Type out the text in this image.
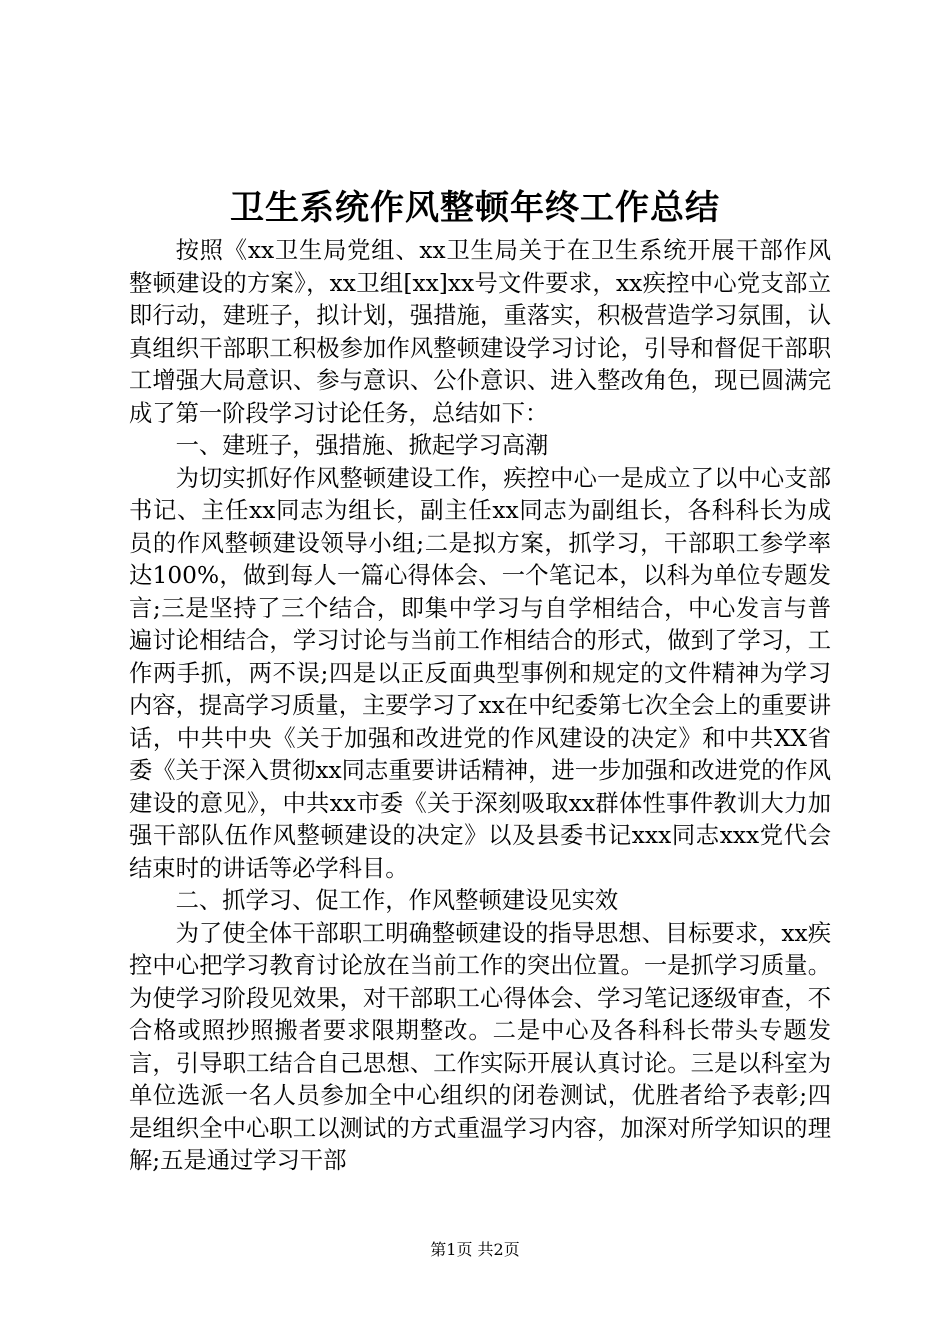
卫生系统作风整顿年终工作总结

按照《xx卫生局党组、xx卫生局关于在卫生系统开展干部作风整顿建设的方案》，xx卫组[xx]xx号文件要求，xx疾控中心党支部立即行动，建班子，拟计划，强措施，重落实，积极营造学习氛围，认真组织干部职工积极参加作风整顿建设学习讨论，引导和督促干部职工增强大局意识、参与意识、公仆意识、进入整改角色，现已圆满完成了第一阶段学习讨论任务，总结如下：

一、建班子，强措施、掀起学习高潮

为切实抓好作风整顿建设工作，疾控中心一是成立了以中心支部书记、主任xx同志为组长，副主任xx同志为副组长，各科科长为成员的作风整顿建设领导小组;二是拟方案，抓学习，干部职工参学率达100%，做到每人一篇心得体会、一个笔记本，以科为单位专题发言;三是坚持了三个结合，即集中学习与自学相结合，中心发言与普遍讨论相结合，学习讨论与当前工作相结合的形式，做到了学习，工作两手抓，两不误;四是以正反面典型事例和规定的文件精神为学习内容，提高学习质量，主要学习了xx在中纪委第七次全会上的重要讲话，中共中央《关于加强和改进党的作风建设的决定》和中共XX省委《关于深入贯彻xx同志重要讲话精神，进一步加强和改进党的作风建设的意见》，中共xx市委《关于深刻吸取xx群体性事件教训大力加强干部队伍作风整顿建设的决定》以及县委书记xxx同志xxx党代会结束时的讲话等必学科目。

二、抓学习、促工作，作风整顿建设见实效

为了使全体干部职工明确整顿建设的指导思想、目标要求，xx疾控中心把学习教育讨论放在当前工作的突出位置。一是抓学习质量。为使学习阶段见效果，对干部职工心得体会、学习笔记逐级审查，不合格或照抄照搬者要求限期整改。二是中心及各科科长带头专题发言，引导职工结合自己思想、工作实际开展认真讨论。三是以科室为单位选派一名人员参加全中心组织的闭卷测试，优胜者给予表彰;四是组织全中心职工以测试的方式重温学习内容，加深对所学知识的理解;五是通过学习干部

第1页 共2页
